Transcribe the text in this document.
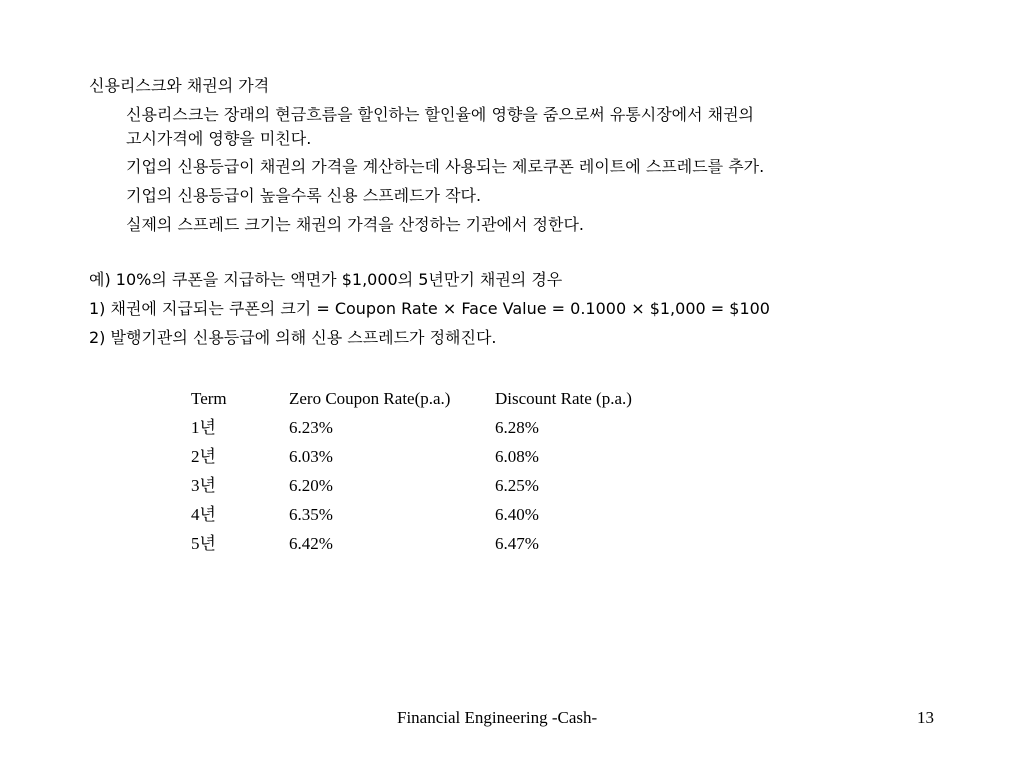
신용리스크와 채권의 가격
신용리스크는 장래의 현금흐름을 할인하는 할인율에 영향을 줌으로써 유통시장에서 채권의
고시가격에 영향을 미친다.
기업의 신용등급이 채권의 가격을 계산하는데 사용되는 제로쿠폰 레이트에 스프레드를 추가.
기업의 신용등급이 높을수록 신용 스프레드가 작다.
실제의 스프레드 크기는 채권의 가격을 산정하는 기관에서 정한다.
예) 10%의 쿠폰을 지급하는 액면가 $1,000의 5년만기 채권의 경우
1) 채권에 지급되는 쿠폰의 크기 = Coupon Rate × Face Value = 0.1000 × $1,000 = $100
2) 발행기관의 신용등급에 의해 신용 스프레드가 정해진다.
Term	Zero Coupon Rate(p.a.)	Discount Rate (p.a.)
1년	6.23%	6.28%
2년	6.03%	6.08%
3년	6.20%	6.25%
4년	6.35%	6.40%
5년	6.42%	6.47%
Financial Engineering -Cash-	13
